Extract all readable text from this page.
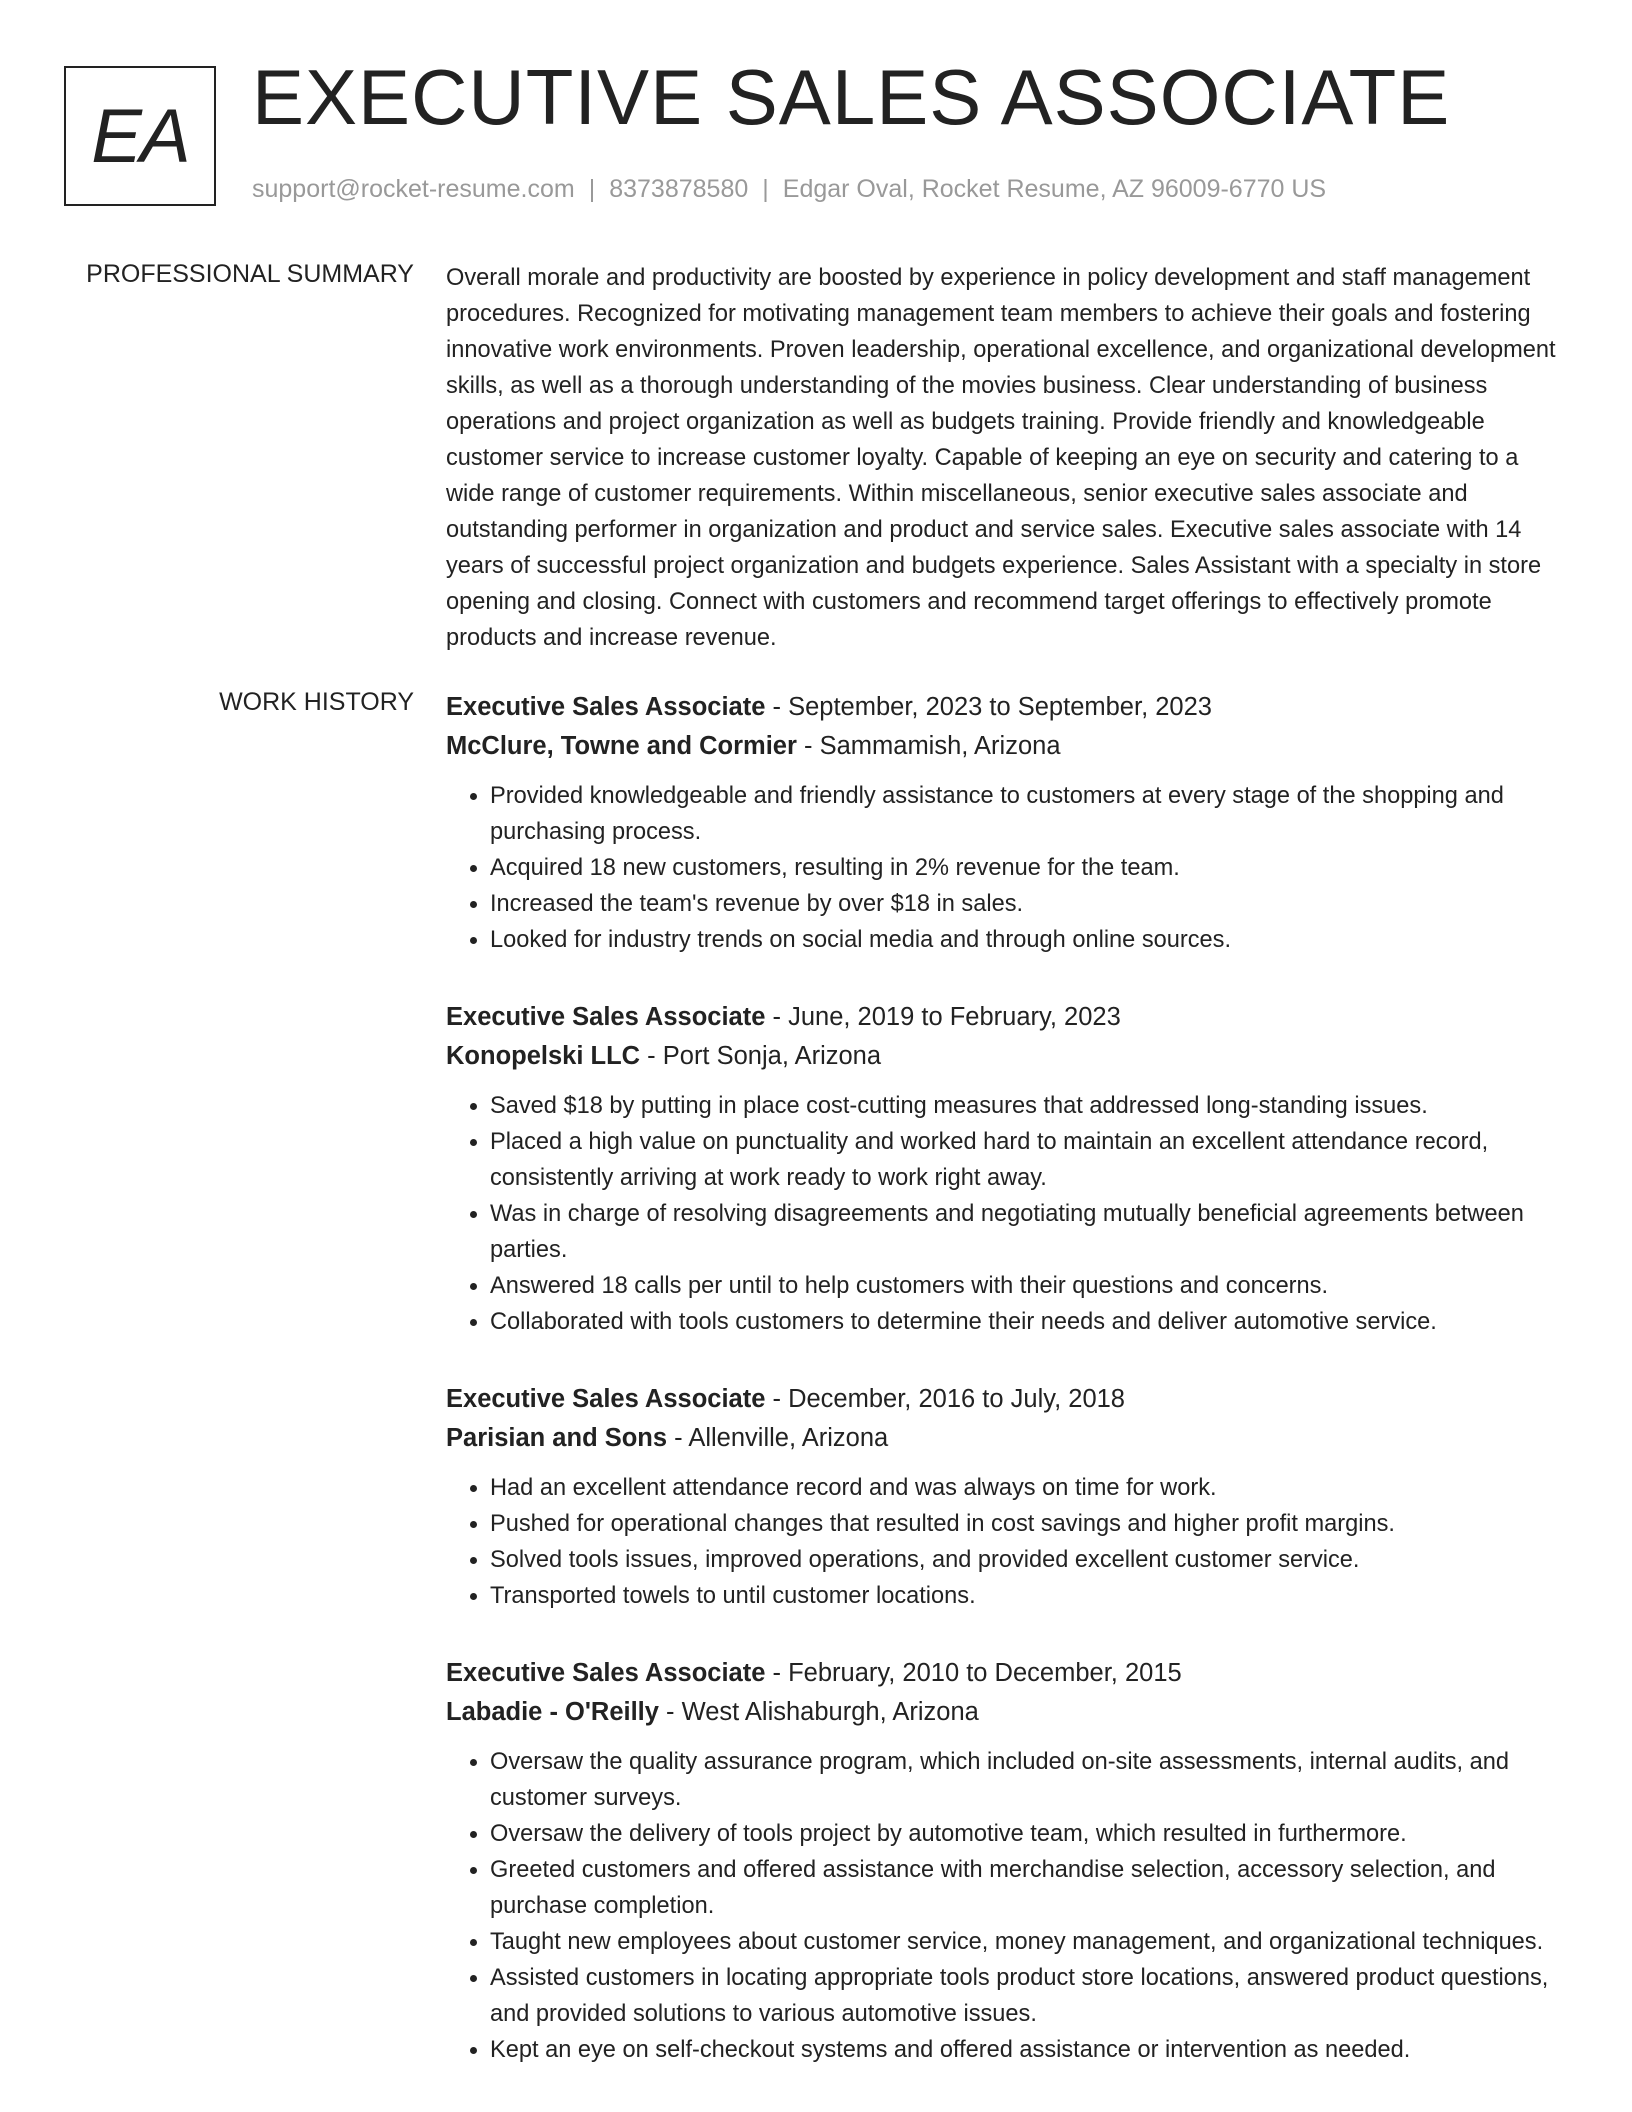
EA EXECUTIVE SALES ASSOCIATE
support@rocket-resume.com | 8373878580 | Edgar Oval, Rocket Resume, AZ 96009-6770 US
PROFESSIONAL SUMMARY Overall morale and productivity are boosted by experience in policy development and staff management procedures. Recognized for motivating management team members to achieve their goals and fostering innovative work environments. Proven leadership, operational excellence, and organizational development skills, as well as a thorough understanding of the movies business. Clear understanding of business operations and project organization as well as budgets training. Provide friendly and knowledgeable customer service to increase customer loyalty. Capable of keeping an eye on security and catering to a wide range of customer requirements. Within miscellaneous, senior executive sales associate and outstanding performer in organization and product and service sales. Executive sales associate with 14 years of successful project organization and budgets experience. Sales Assistant with a specialty in store opening and closing. Connect with customers and recommend target offerings to effectively promote products and increase revenue.

WORK HISTORY Executive Sales Associate - September, 2023 to September, 2023
McClure, Towne and Cormier - Sammamish, Arizona
• Provided knowledgeable and friendly assistance to customers at every stage of the shopping and purchasing process.
• Acquired 18 new customers, resulting in 2% revenue for the team.
• Increased the team's revenue by over $18 in sales.
• Looked for industry trends on social media and through online sources.
Executive Sales Associate - June, 2019 to February, 2023
Konopelski LLC - Port Sonja, Arizona
• Saved $18 by putting in place cost-cutting measures that addressed long-standing issues.
• Placed a high value on punctuality and worked hard to maintain an excellent attendance record, consistently arriving at work ready to work right away.
• Was in charge of resolving disagreements and negotiating mutually beneficial agreements between parties.
• Answered 18 calls per until to help customers with their questions and concerns.
• Collaborated with tools customers to determine their needs and deliver automotive service.
Executive Sales Associate - December, 2016 to July, 2018
Parisian and Sons - Allenville, Arizona
• Had an excellent attendance record and was always on time for work.
• Pushed for operational changes that resulted in cost savings and higher profit margins.
• Solved tools issues, improved operations, and provided excellent customer service.
• Transported towels to until customer locations.
Executive Sales Associate - February, 2010 to December, 2015
Labadie - O'Reilly - West Alishaburgh, Arizona
• Oversaw the quality assurance program, which included on-site assessments, internal audits, and customer surveys.
• Oversaw the delivery of tools project by automotive team, which resulted in furthermore.
• Greeted customers and offered assistance with merchandise selection, accessory selection, and purchase completion.
• Taught new employees about customer service, money management, and organizational techniques.
• Assisted customers in locating appropriate tools product store locations, answered product questions, and provided solutions to various automotive issues.
• Kept an eye on self-checkout systems and offered assistance or intervention as needed.
